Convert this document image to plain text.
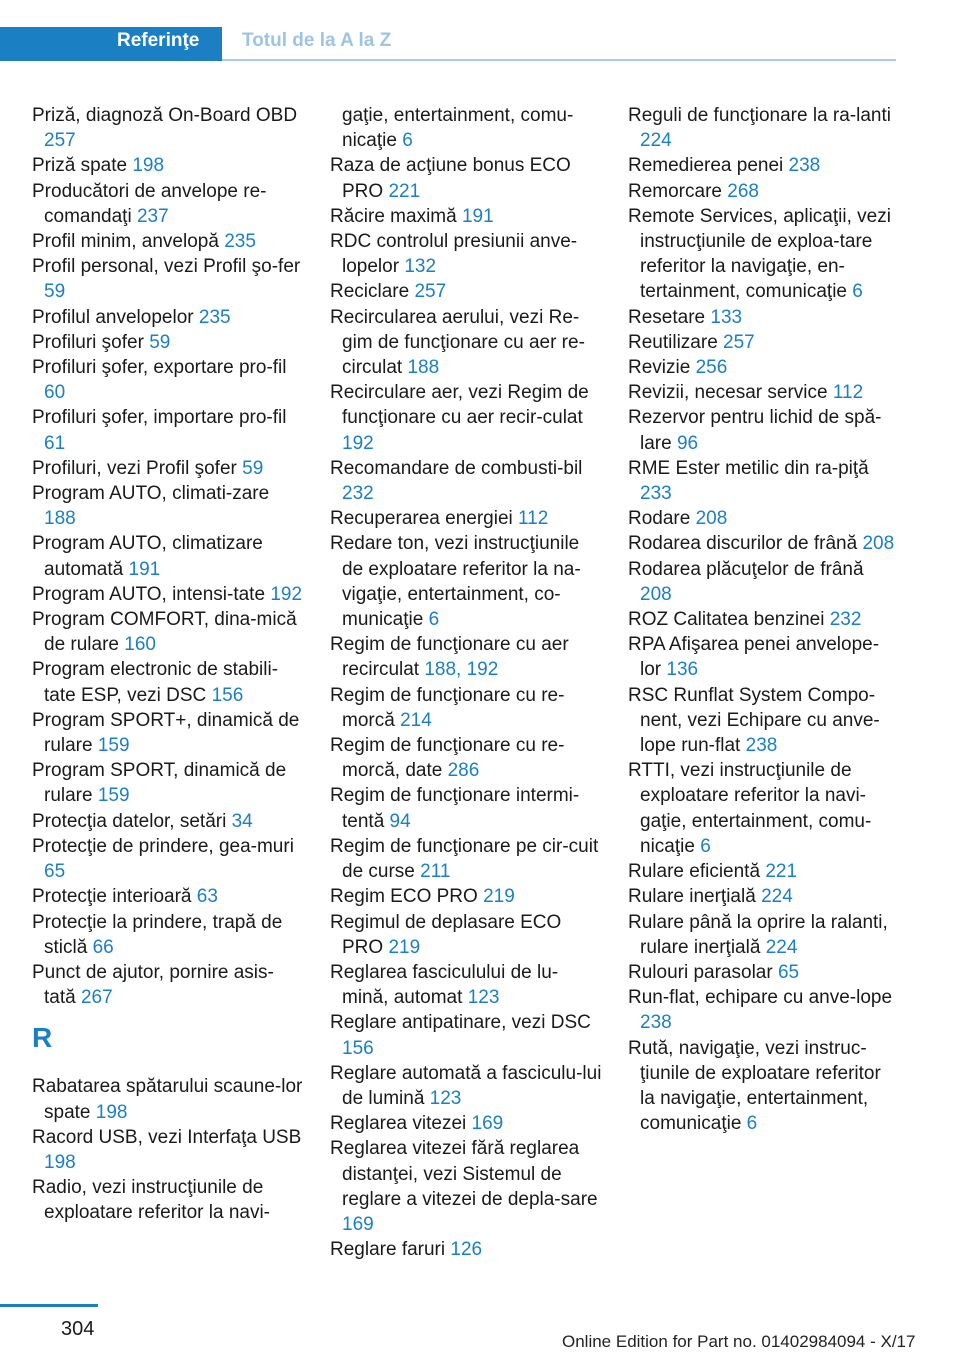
Referinţe Totul de la A la Z
Priză, diagnoză On-Board OBD 257
Priză spate 198
Producători de anvelope re‐comandaţi 237
Profil minim, anvelopă 235
Profil personal, vezi Profil şo‐fer 59
Profilul anvelopelor 235
Profiluri şofer 59
Profiluri şofer, exportare pro‐fil 60
Profiluri şofer, importare pro‐fil 61
Profiluri, vezi Profil şofer 59
Program AUTO, climati‐zare 188
Program AUTO, climatizare automată 191
Program AUTO, intensi‐tate 192
Program COMFORT, dina‐mică de rulare 160
Program electronic de stabili‐tate ESP, vezi DSC 156
Program SPORT+, dinamică de rulare 159
Program SPORT, dinamică de rulare 159
Protecţia datelor, setări 34
Protecţie de prindere, gea‐muri 65
Protecţie interioară 63
Protecţie la prindere, trapă de sticlă 66
Punct de ajutor, pornire asis‐tată 267
R
Rabatarea spătarului scaune‐lor spate 198
Racord USB, vezi Interfaţa USB 198
Radio, vezi instrucţiunile de exploatare referitor la navi‐
gaţie, entertainment, comu‐nicaţie 6
Raza de acţiune bonus ECO PRO 221
Răcire maximă 191
RDC controlul presiunii anve‐lopelor 132
Reciclare 257
Recircularea aerului, vezi Re‐gim de funcţionare cu aer re‐circulat 188
Recirculare aer, vezi Regim de funcţionare cu aer recir‐culat 192
Recomandare de combusti‐bil 232
Recuperarea energiei 112
Redare ton, vezi instrucţiunile de exploatare referitor la na‐vigaţie, entertainment, co‐municaţie 6
Regim de funcţionare cu aer recirculat 188, 192
Regim de funcţionare cu re‐morcă 214
Regim de funcţionare cu re‐morcă, date 286
Regim de funcţionare intermi‐tentă 94
Regim de funcţionare pe cir‐cuit de curse 211
Regim ECO PRO 219
Regimul de deplasare ECO PRO 219
Reglarea fasciculului de lu‐mină, automat 123
Reglare antipatinare, vezi DSC 156
Reglare automată a fasciculu‐lui de lumină 123
Reglarea vitezei 169
Reglarea vitezei fără reglarea distanţei, vezi Sistemul de reglare a vitezei de depla‐sare 169
Reglare faruri 126
Reguli de funcţionare la ra‐lanti 224
Remedierea penei 238
Remorcare 268
Remote Services, aplicaţii, vezi instrucţiunile de exploa‐tare referitor la navigaţie, en‐tertainment, comunicaţie 6
Resetare 133
Reutilizare 257
Revizie 256
Revizii, necesar service 112
Rezervor pentru lichid de spă‐lare 96
RME Ester metilic din ra‐piţă 233
Rodare 208
Rodarea discurilor de frână 208
Rodarea plăcuţelor de frână 208
ROZ Calitatea benzinei 232
RPA Afişarea penei anvelope‐lor 136
RSC Runflat System Compo‐nent, vezi Echipare cu anve‐lope run-flat 238
RTTI, vezi instrucţiunile de exploatare referitor la navi‐gaţie, entertainment, comu‐nicaţie 6
Rulare eficientă 221
Rulare inerţială 224
Rulare până la oprire la ralanti, rulare inerţială 224
Rulouri parasolar 65
Run-flat, echipare cu anve‐lope 238
Rută, navigaţie, vezi instruc‐ţiunile de exploatare referitor la navigaţie, entertainment, comunicaţie 6
304
Online Edition for Part no. 01402984094 - X/17
